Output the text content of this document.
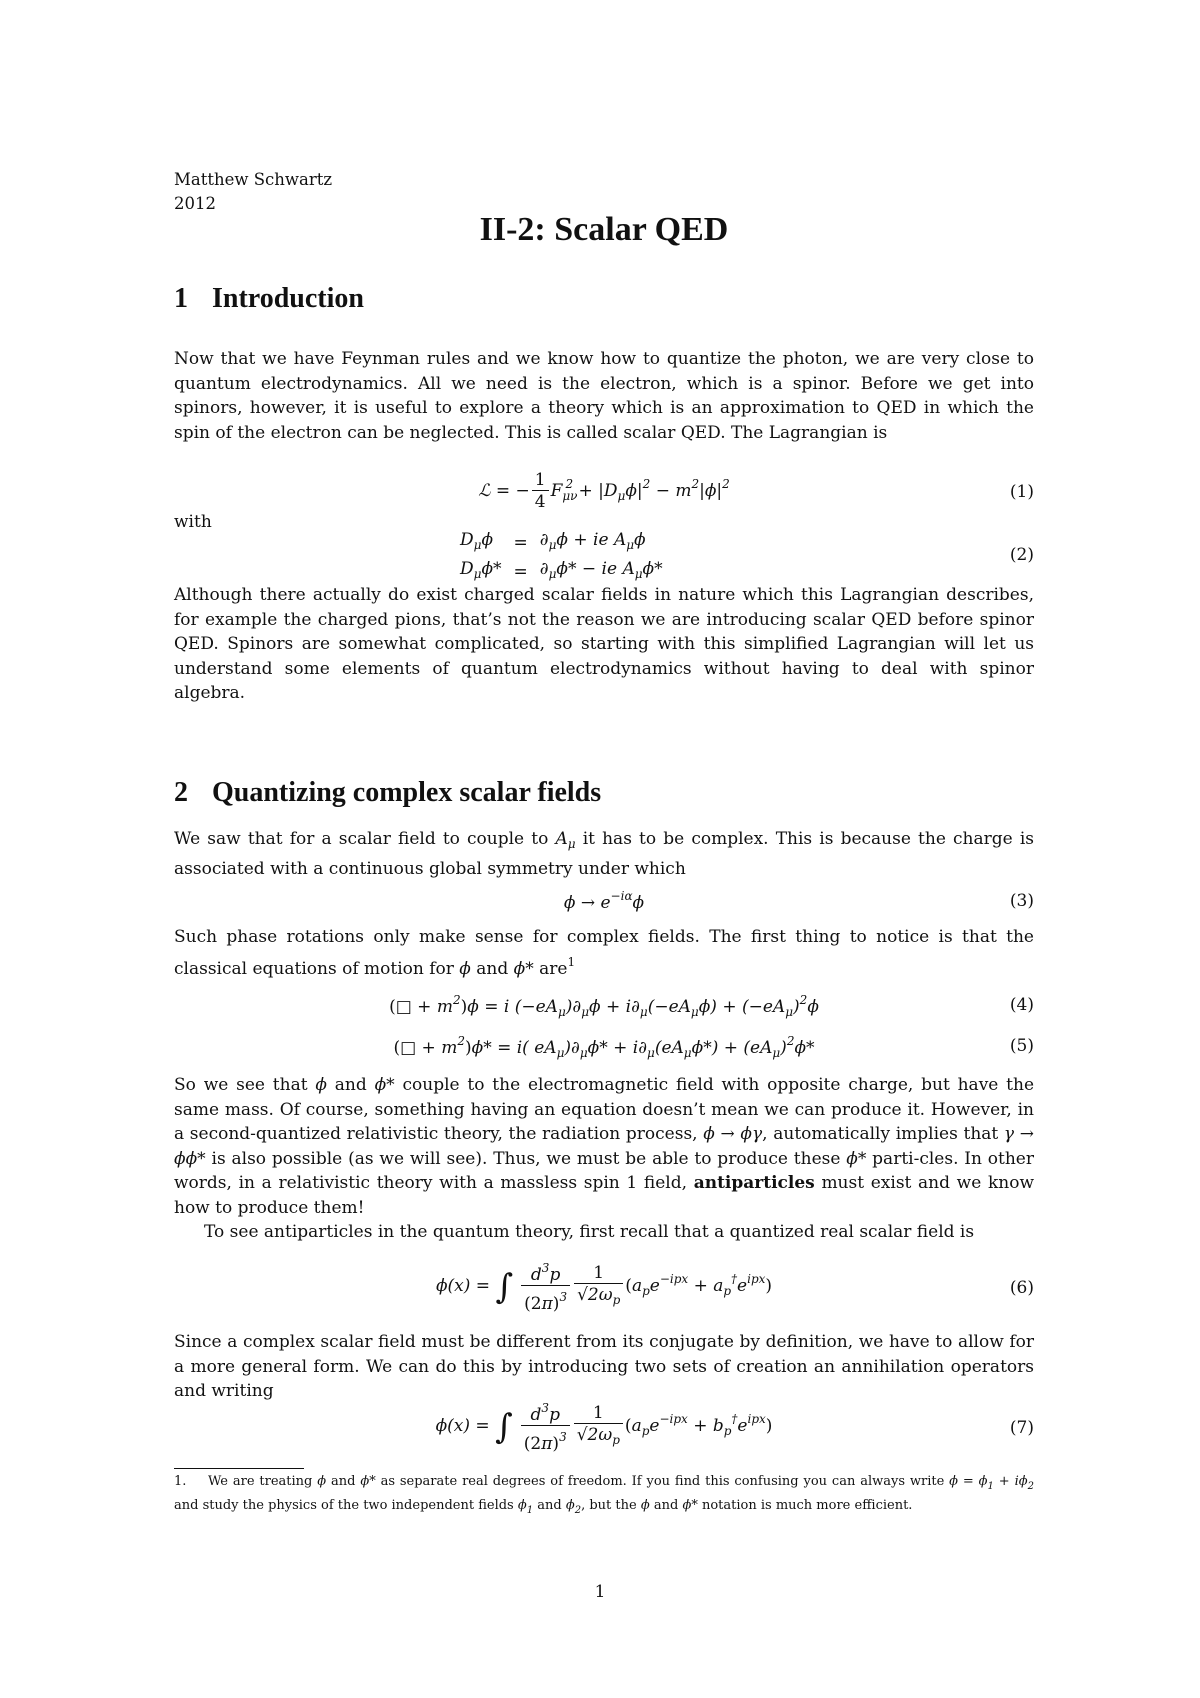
Matthew Schwartz
2012
II-2: Scalar QED
1 Introduction
Now that we have Feynman rules and we know how to quantize the photon, we are very close to quantum electrodynamics. All we need is the electron, which is a spinor. Before we get into spinors, however, it is useful to explore a theory which is an approximation to QED in which the spin of the electron can be neglected. This is called scalar QED. The Lagrangian is
ℒ = − $\frac{1}{4} F_{\mu\nu}^2 + |D_\mu\phi|^2 - m^2|\phi|^2$	(1)
with
$D_\mu\phi$	=	$\partial_\mu\phi$ + ie $A_\mu\phi$
$D_\mu\phi*$	=	$\partial_\mu\phi*$ − ie $A_\mu\phi*$
(2)
Although there actually do exist charged scalar fields in nature which this Lagrangian describes, for example the charged pions, that’s not the reason we are introducing scalar QED before spinor QED. Spinors are somewhat complicated, so starting with this simplified Lagrangian will let us understand some elements of quantum electrodynamics without having to deal with spinor algebra.
2 Quantizing complex scalar fields
We saw that for a scalar field to couple to $A_\mu$ it has to be complex. This is because the charge is associated with a continuous global symmetry under which
$\phi \to e^{-i\alpha}\phi$	(3)
Such phase rotations only make sense for complex fields. The first thing to notice is that the classical equations of motion for ϕ and ϕ* are$^1$
(□ + $m^2)\phi = i$ $(-eA_\mu)\partial_\mu\phi + i\partial_\mu(-eA_\mu\phi) + (-eA_\mu)^2\phi$	(4)
(□ + $m^2)\phi* = i$( $eA_\mu)\partial_\mu\phi* + i\partial_\mu(eA_\mu\phi*) + (eA_\mu)^2\phi*$	(5)
So we see that ϕ and ϕ* couple to the electromagnetic field with opposite charge, but have the same mass. Of course, something having an equation doesn’t mean we can produce it. However, in a second-quantized relativistic theory, the radiation process, ϕ → ϕγ, automatically implies that γ → ϕϕ* is also possible (as we will see). Thus, we must be able to produce these ϕ* parti-cles. In other words, in a relativistic theory with a massless spin 1 field, antiparticles must exist and we know how to produce them!
To see antiparticles in the quantum theory, first recall that a quantized real scalar field is
ϕ(x) = ∫ $\frac{d^3p}{(2\pi)^3} \frac{1}{√2\omega_p} (a_pe^{-ipx} + a_p^\dagger e^{ipx})$	(6)
Since a complex scalar field must be different from its conjugate by definition, we have to allow for a more general form. We can do this by introducing two sets of creation an annihilation operators and writing
ϕ(x) = ∫ $\frac{d^3p}{(2\pi)^3} \frac{1}{√2\omega_p} (a_pe^{-ipx} + b_p^\dagger e^{ipx})$	(7)
1. We are treating ϕ and ϕ* as separate real degrees of freedom. If you find this confusing you can always write $\phi = \phi_1 + i\phi_2$ and study the physics of the two independent fields $\phi_1$ and $\phi_2$, but the ϕ and ϕ* notation is much more efficient.
1
